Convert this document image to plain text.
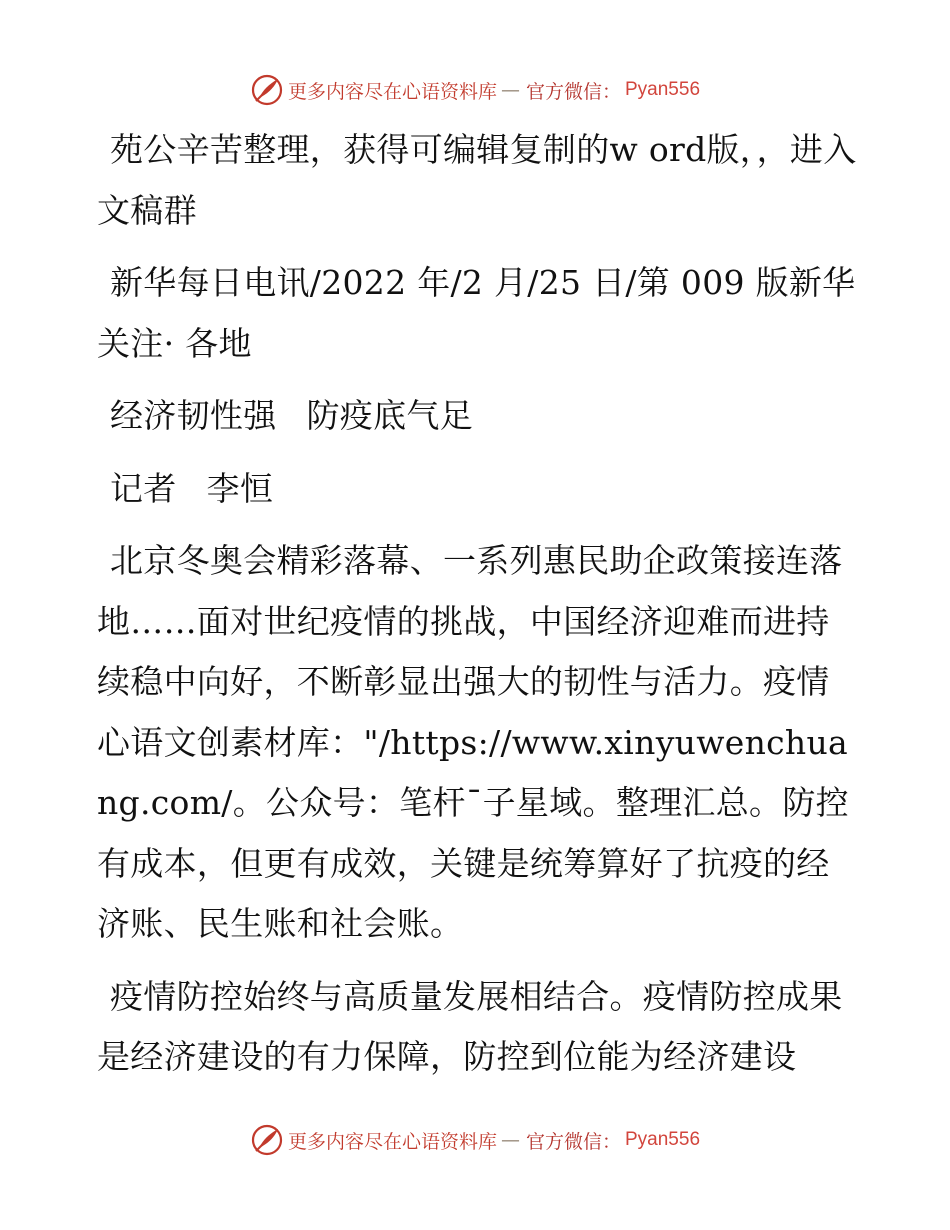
更多内容尽在心语资料库 — 官方微信： Pyan556

苑公辛苦整理，获得可编辑复制的w ord版，，进入文稿群

新华每日电讯/2022 年/2 月/25 日/第 009 版新华关注· 各地

经济韧性强 防疫底气足

记者 李恒

北京冬奥会精彩落幕、一系列惠民助企政策接连落地……面对世纪疫情的挑战，中国经济迎难而进持续稳中向好，不断彰显出强大的韧性与活力。疫情心语文创素材库："/https://www.xinyuwenchuang.com/。公众号：笔杆¯子星域。整理汇总。防控有成本，但更有成效，关键是统筹算好了抗疫的经济账、民生账和社会账。

疫情防控始终与高质量发展相结合。疫情防控成果是经济建设的有力保障，防控到位能为经济建设

更多内容尽在心语资料库 — 官方微信： Pyan556
